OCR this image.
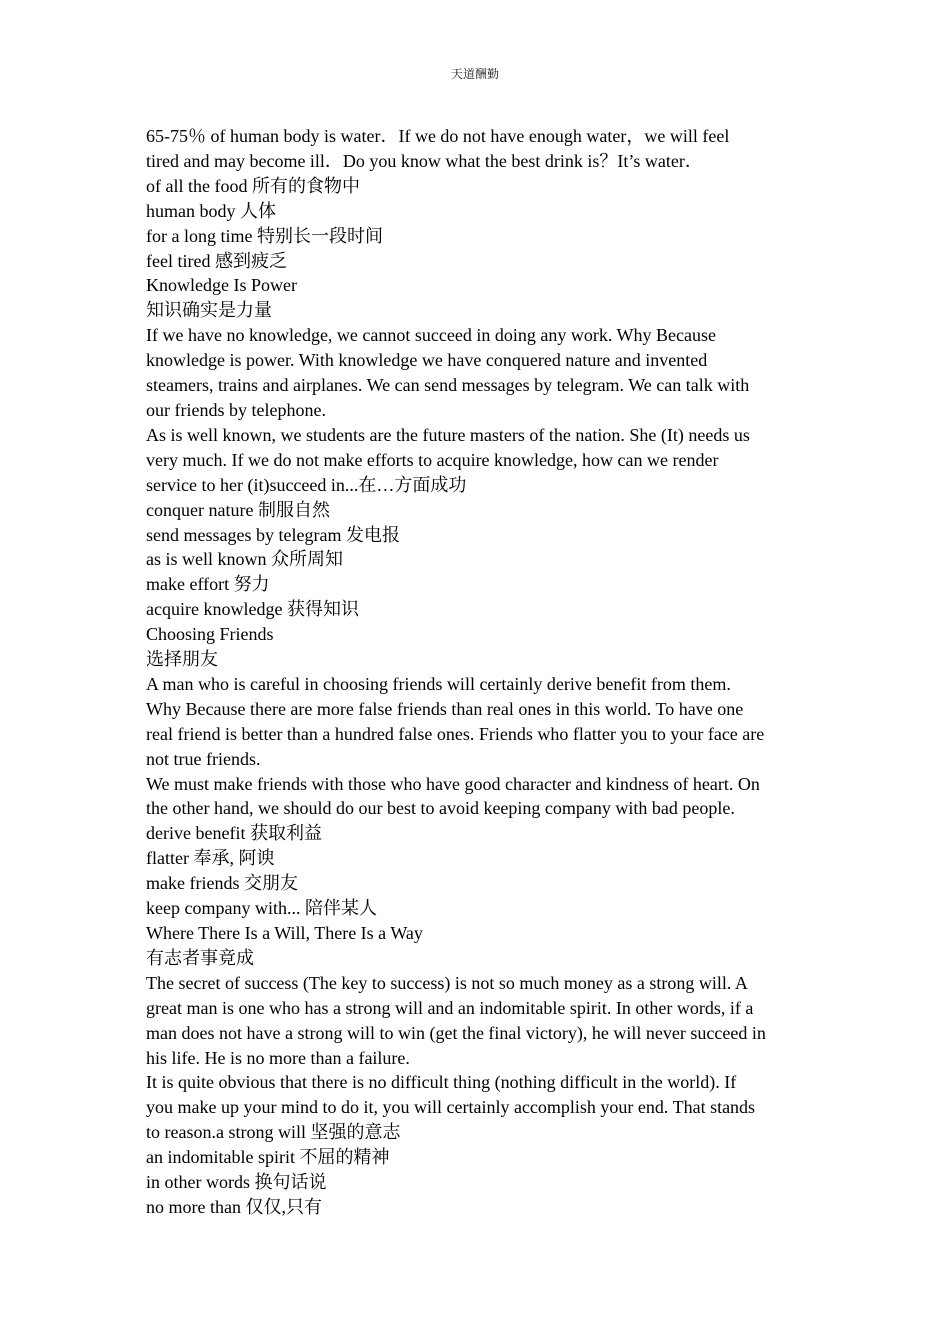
天道酬勤
65-75％ of human body is water．If we do not have enough water，we will feel
tired and may become ill．Do you know what the best drink is？It’s water．
of all the food 所有的食物中
human body 人体
for a long time 特别长一段时间
feel tired 感到疲乏
Knowledge Is Power
知识确实是力量
If we have no knowledge, we cannot succeed in doing any work. Why Because
knowledge is power. With knowledge we have conquered nature and invented
steamers, trains and airplanes. We can send messages by telegram. We can talk with
our friends by telephone.
As is well known, we students are the future masters of the nation. She (It) needs us
very much. If we do not make efforts to acquire knowledge, how can we render
service to her (it)succeed in...在…方面成功
conquer nature 制服自然
send messages by telegram 发电报
as is well known 众所周知
make effort 努力
acquire knowledge 获得知识
Choosing Friends
选择朋友
A man who is careful in choosing friends will certainly derive benefit from them.
Why Because there are more false friends than real ones in this world. To have one
real friend is better than a hundred false ones. Friends who flatter you to your face are
not true friends.
We must make friends with those who have good character and kindness of heart. On
the other hand, we should do our best to avoid keeping company with bad people.
derive benefit 获取利益
flatter 奉承, 阿谀
make friends 交朋友
keep company with... 陪伴某人
Where There Is a Will, There Is a Way
有志者事竟成
The secret of success (The key to success) is not so much money as a strong will. A
great man is one who has a strong will and an indomitable spirit. In other words, if a
man does not have a strong will to win (get the final victory), he will never succeed in
his life. He is no more than a failure.
It is quite obvious that there is no difficult thing (nothing difficult in the world). If
you make up your mind to do it, you will certainly accomplish your end. That stands
to reason.a strong will 坚强的意志
an indomitable spirit 不屈的精神
in other words 换句话说
no more than 仅仅,只有
